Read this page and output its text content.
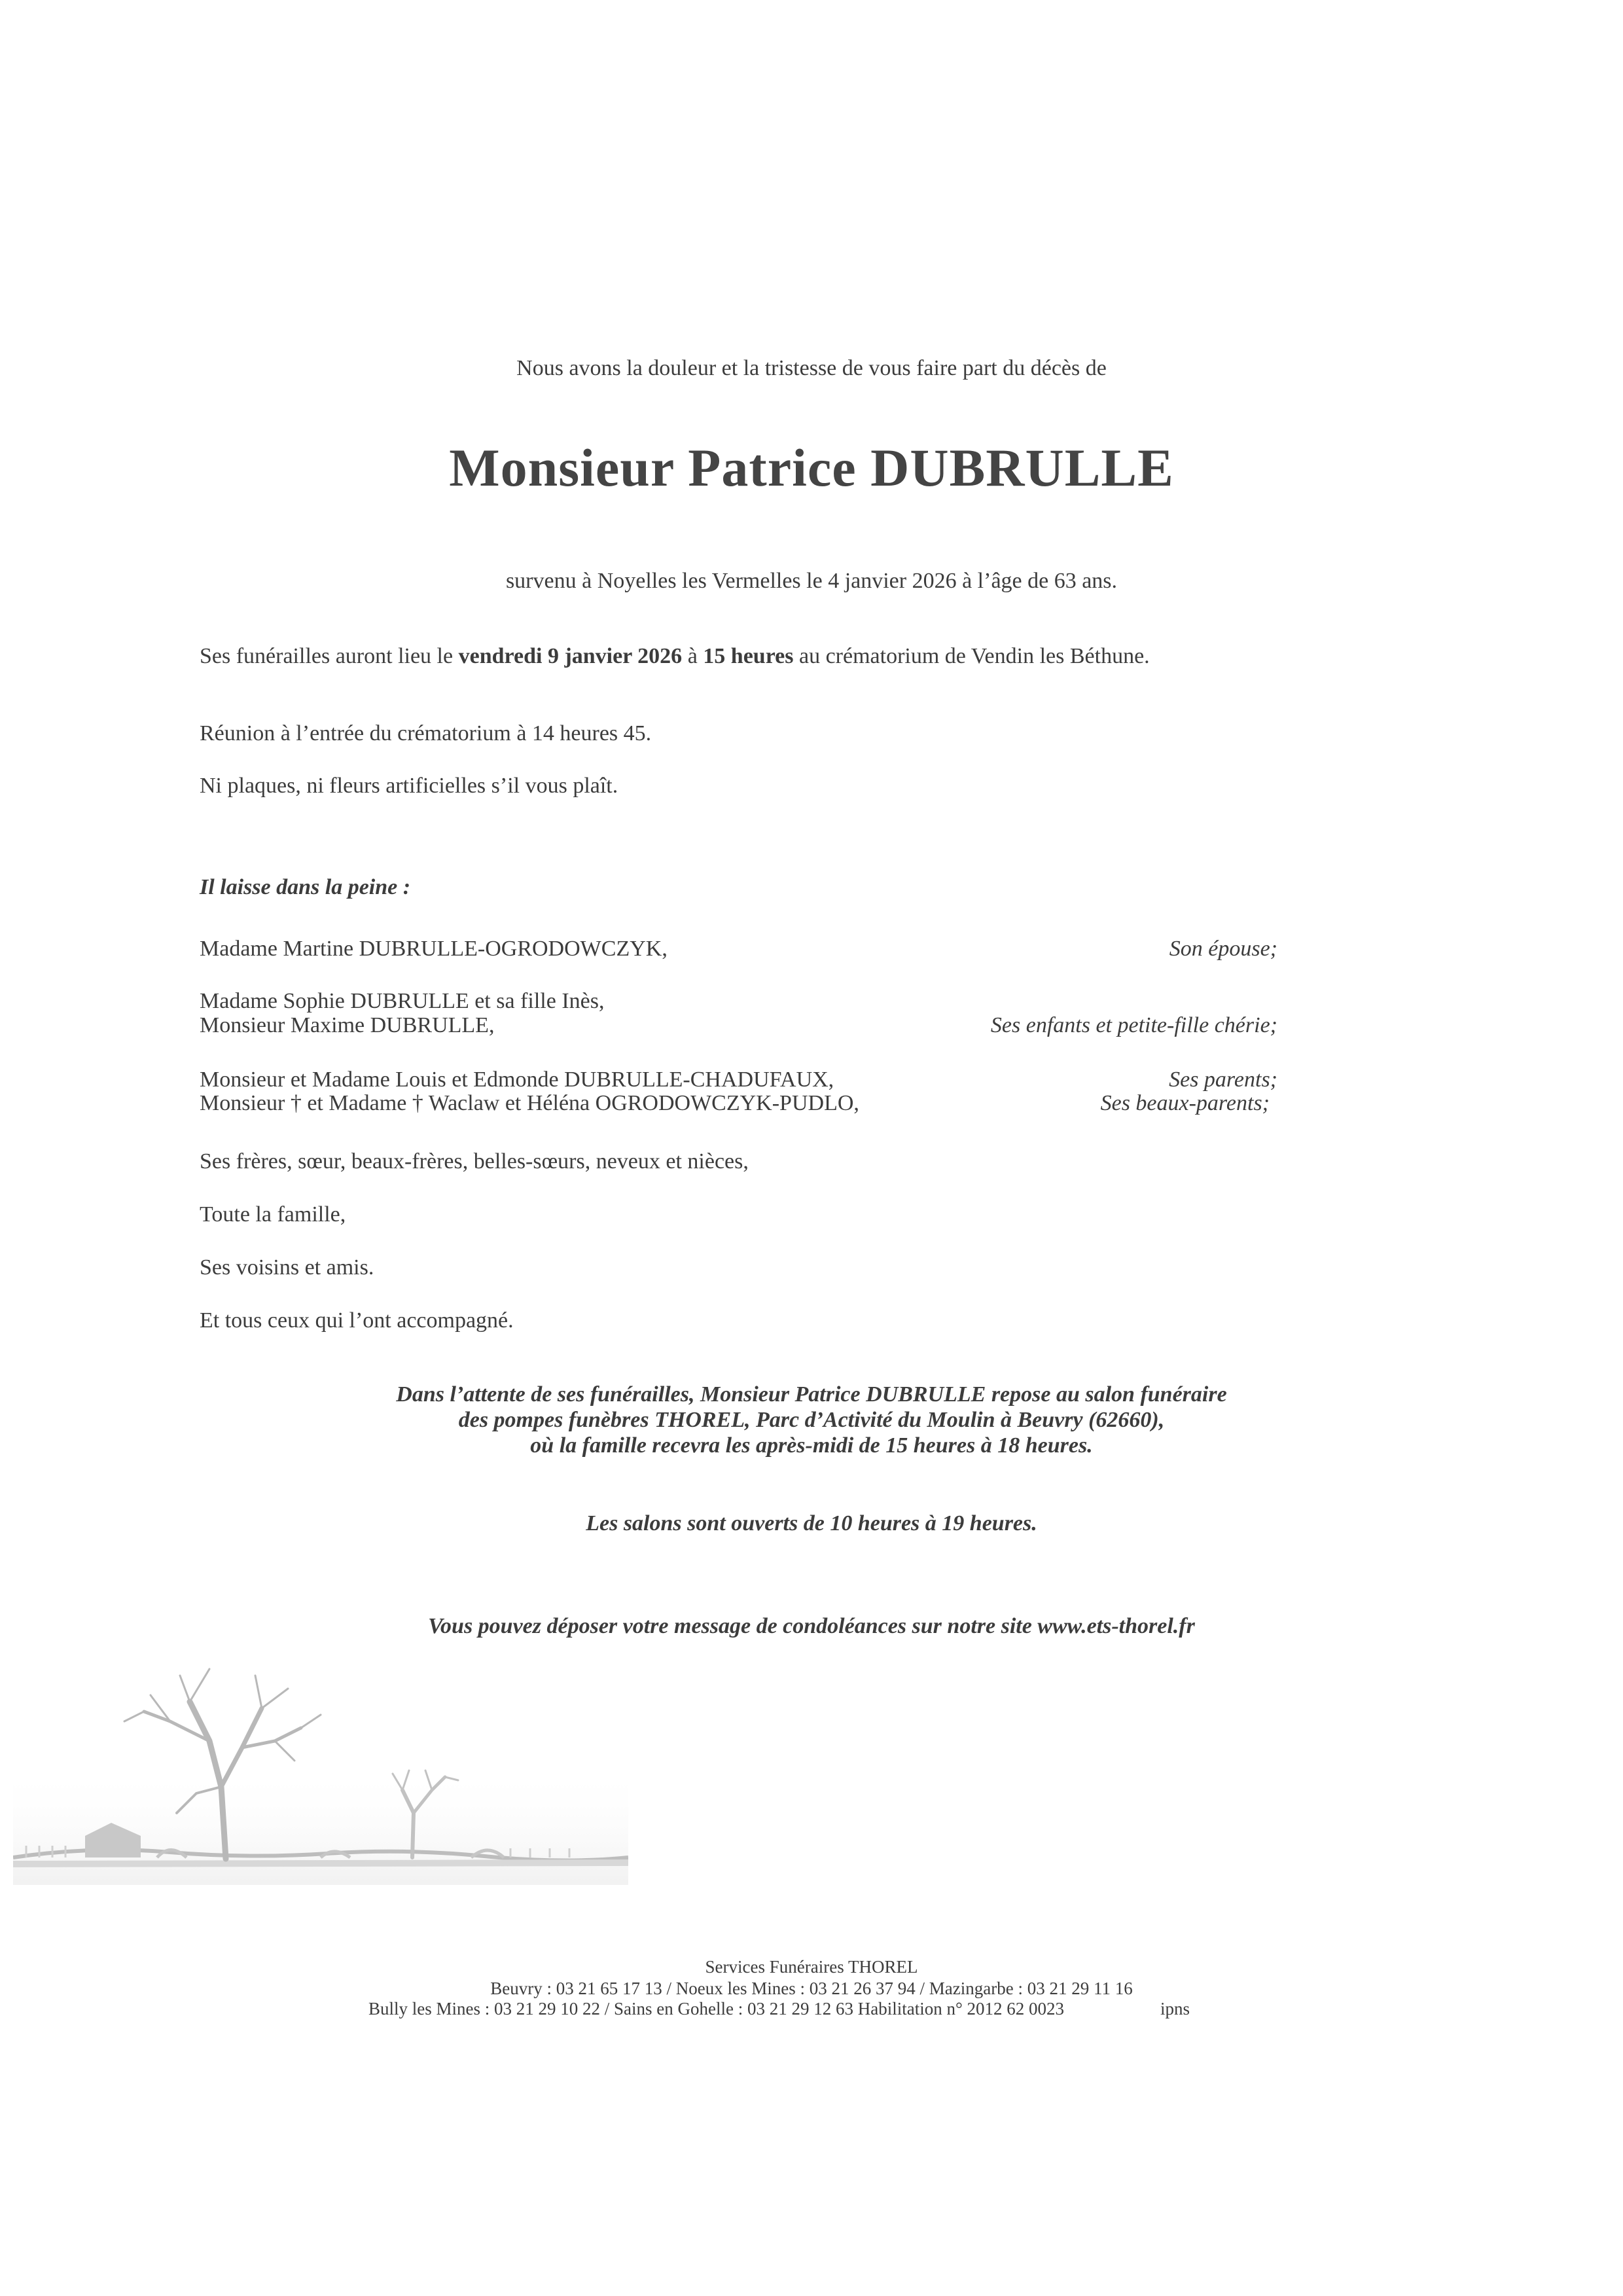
Nous avons la douleur et la tristesse de vous faire part du décès de
Monsieur Patrice DUBRULLE
survenu à Noyelles les Vermelles le 4 janvier 2026 à l’âge de 63 ans.
Ses funérailles auront lieu le vendredi 9 janvier 2026 à 15 heures au crématorium de Vendin les Béthune.
Réunion à l’entrée du crématorium à 14 heures 45.
Ni plaques, ni fleurs artificielles s’il vous plaît.
Il laisse dans la peine :
Madame Martine DUBRULLE-OGRODOWCZYK,	Son épouse;
Madame Sophie DUBRULLE et sa fille Inès,
Monsieur Maxime DUBRULLE,	Ses enfants et petite-fille chérie;
Monsieur et Madame Louis et Edmonde DUBRULLE-CHADUFAUX,	Ses parents;
Monsieur † et Madame † Waclaw et Héléna OGRODOWCZYK-PUDLO,	Ses beaux-parents;
Ses frères, sœur, beaux-frères, belles-sœurs, neveux et nièces,
Toute la famille,
Ses voisins et amis.
Et tous ceux qui l’ont accompagné.
Dans l’attente de ses funérailles, Monsieur Patrice DUBRULLE repose au salon funéraire
des pompes funèbres THOREL, Parc d’Activité du Moulin à Beuvry (62660),
où la famille recevra les après-midi de 15 heures à 18 heures.
Les salons sont ouverts de 10 heures à 19 heures.
Vous pouvez déposer votre message de condoléances sur notre site www.ets-thorel.fr
Services Funéraires THOREL
Beuvry : 03 21 65 17 13 / Noeux les Mines : 03 21 26 37 94 / Mazingarbe : 03 21 29 11 16
Bully les Mines : 03 21 29 10 22 / Sains en Gohelle : 03 21 29 12 63 Habilitation n° 2012 62 0023	ipns
